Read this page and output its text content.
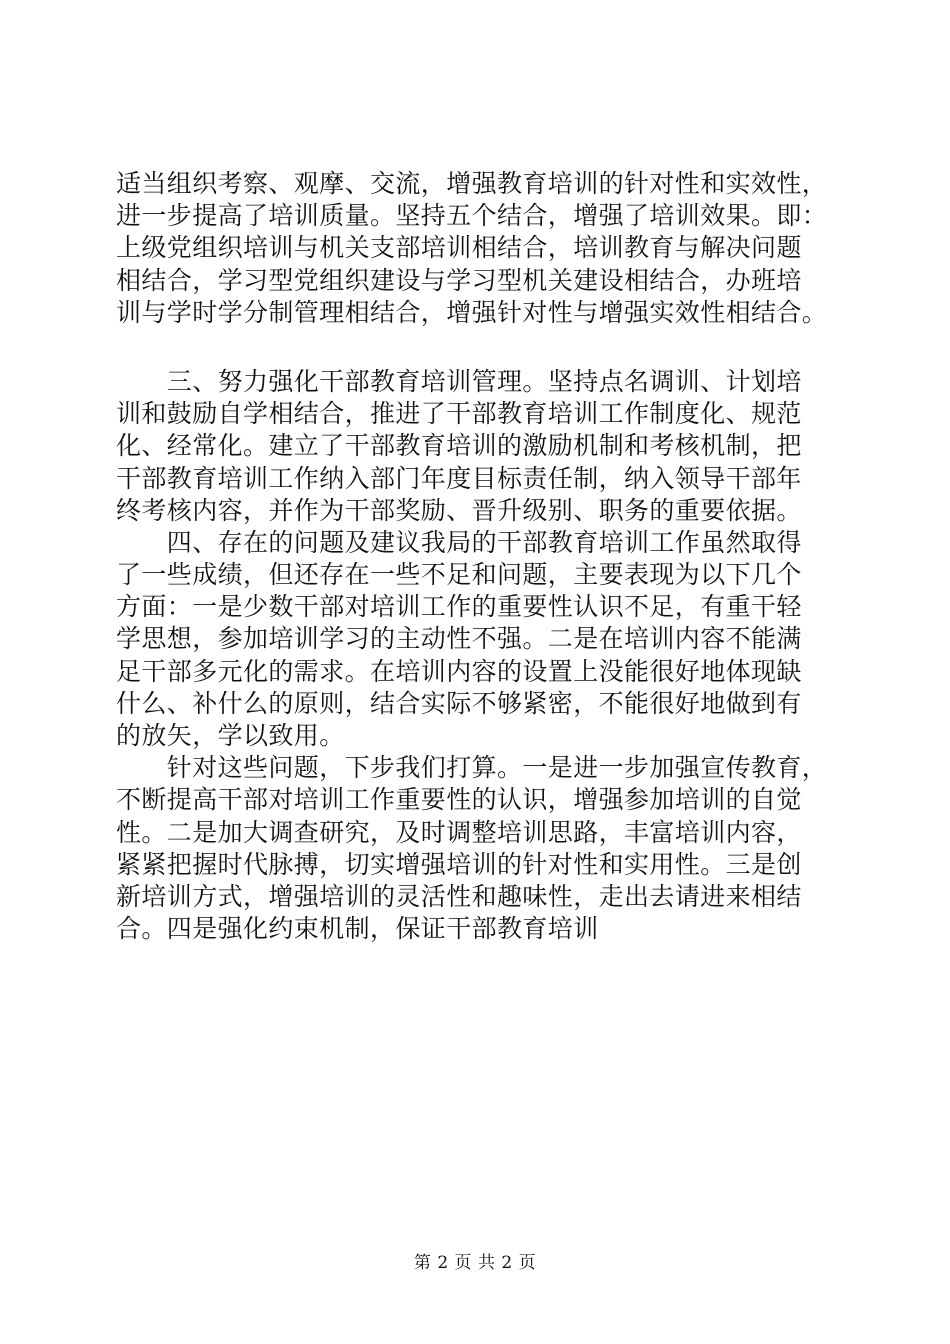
适当组织考察、观摩、交流，增强教育培训的针对性和实效性，
进一步提高了培训质量。坚持五个结合，增强了培训效果。即：
上级党组织培训与机关支部培训相结合，培训教育与解决问题
相结合，学习型党组织建设与学习型机关建设相结合，办班培
训与学时学分制管理相结合，增强针对性与增强实效性相结合。
　　三、努力强化干部教育培训管理。坚持点名调训、计划培
训和鼓励自学相结合，推进了干部教育培训工作制度化、规范
化、经常化。建立了干部教育培训的激励机制和考核机制，把
干部教育培训工作纳入部门年度目标责任制，纳入领导干部年
终考核内容，并作为干部奖励、晋升级别、职务的重要依据。
　　四、存在的问题及建议我局的干部教育培训工作虽然取得
了一些成绩，但还存在一些不足和问题，主要表现为以下几个
方面：一是少数干部对培训工作的重要性认识不足，有重干轻
学思想，参加培训学习的主动性不强。二是在培训内容不能满
足干部多元化的需求。在培训内容的设置上没能很好地体现缺
什么、补什么的原则，结合实际不够紧密，不能很好地做到有
的放矢，学以致用。
　　针对这些问题，下步我们打算。一是进一步加强宣传教育，
不断提高干部对培训工作重要性的认识，增强参加培训的自觉
性。二是加大调查研究，及时调整培训思路，丰富培训内容，
紧紧把握时代脉搏，切实增强培训的针对性和实用性。三是创
新培训方式，增强培训的灵活性和趣味性，走出去请进来相结
合。四是强化约束机制，保证干部教育培训
第 2 页 共 2 页
